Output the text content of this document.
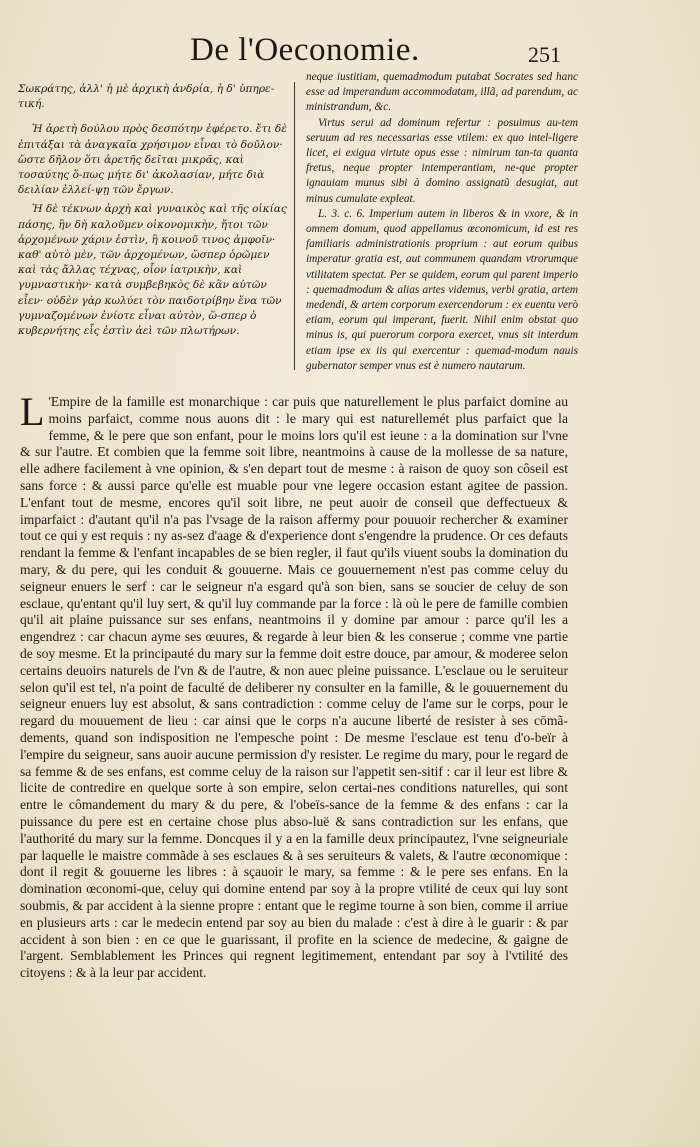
De l'Oeconomie.	251

Σωκράτης, ἀλλ' ἡ μὲ ἀρχικὴ ἀνδρία, ἡ δ' ὑπηρε-τική.

Ἡ ἀρετὴ δούλου πρὸς δεσπότην ἐφέρετο. ἔτι δὲ ἐπιτάξαι τὰ ἀναγκαῖα χρήσιμον εἶναι τὸ δοῦλον· ὥστε δῆλον ὅτι ἀρετῆς δεῖται μικρᾶς, καὶ τοσαύτης ὅ-πως μήτε δι' ἀκολασίαν, μήτε διὰ δειλίαν ἐλλεί-ψῃ τῶν ἔργων.

Ἡ δὲ τέκνων ἀρχὴ καὶ γυναικὸς καὶ τῆς οἰκίας πάσης, ἣν δὴ καλοῦμεν οἰκονομικὴν, ἤτοι τῶν ἀρχομένων χάριν ἐστὶν, ἢ κοινοῦ τινος ἀμφοῖν· καθ' αὑτὸ μὲν, τῶν ἀρχομένων, ὥσπερ ὁρῶμεν καὶ τὰς ἄλλας τέχνας, οἷον ἰατρικὴν, καὶ γυμναστικὴν· κατὰ συμβεβηκὸς δὲ κἂν αὐτῶν εἶεν· οὐδὲν γὰρ κωλύει τὸν παιδοτρίβην ἕνα τῶν γυμναζομένων ἐνίοτε εἶναι αὐτὸν, ὥ-σπερ ὁ κυβερνήτης εἷς ἐστὶν ἀεὶ τῶν πλωτήρων.

neque iustitiam, quemadmodum putabat Socrates sed hanc esse ad imperandum accommodatam, illã, ad parendum, ac ministrandum, &c.

Virtus serui ad dominum refertur : posuimus au-tem seruum ad res necessarias esse vtilem: ex quo intel-ligere licet, ei exigua virtute opus esse : nimirum tan-ta quanta fretus, neque propter intemperantiam, ne-que propter ignauiam munus sibi à domino assignatũ desugiat, aut minus cumulate expleat.

L. 3. c. 6. Imperium autem in liberos & in vxore, & in omnem domum, quod appellamus œconomicum, id est res familiaris administrationis proprium : aut eorum quibus imperatur gratia est, aut communem quandam vtrorumque vtilitatem spectat. Per se quidem, eorum qui parent imperio : quemadmodum & alias artes videmus, verbi gratia, artem medendi, & artem corporum exercendorum : ex euentu verò etiam, eorum qui imperant, fuerit. Nihil enim obstat quo minus is, qui puerorum corpora exercet, vnus sit interdum etiam ipse ex iis qui exercentur : quemad-modum nauis gubernator semper vnus est è numero nautarum.

L 'Empire de la famille est monarchique : car puis que naturellement le plus parfaict domine au moins parfaict, comme nous auons dit : le mary qui est naturellemét plus parfaict que la femme, & le pere que son enfant, pour le moins lors qu'il est ieune : a la domination sur l'vne & sur l'autre. Et combien que la femme soit libre, neantmoins à cause de la mollesse de sa nature, elle adhere facilement à vne opinion, & s'en depart tout de mesme : à raison de quoy son côseil est sans force : & aussi parce qu'elle est muable pour vne legere occasion estant agitee de passion. L'enfant tout de mesme, encores qu'il soit libre, ne peut auoir de conseil que deffectueux & imparfaict : d'autant qu'il n'a pas l'vsage de la raison affermy pour pouuoir rechercher & examiner tout ce qui y est requis : ny as-sez d'aage & d'experience dont s'engendre la prudence. Or ces defauts rendant la femme & l'enfant incapables de se bien regler, il faut qu'ils viuent soubs la domination du mary, & du pere, qui les conduit & gouuerne. Mais ce gouuernement n'est pas comme celuy du seigneur enuers le serf : car le seigneur n'a esgard qu'à son bien, sans se soucier de celuy de son esclaue, qu'entant qu'il luy sert, & qu'il luy commande par la force : là où le pere de famille combien qu'il ait plaine puissance sur ses enfans, neantmoins il y domine par amour : parce qu'il les a engendrez : car chacun ayme ses œuures, & regarde à leur bien & les conserue ; comme vne partie de soy mesme. Et la principauté du mary sur la femme doit estre douce, par amour, & moderee selon certains deuoirs naturels de l'vn & de l'autre, & non auec pleine puissance. L'esclaue ou le seruiteur selon qu'il est tel, n'a point de faculté de deliberer ny consulter en la famille, & le gouuernement du seigneur enuers luy est absolut, & sans contradiction : comme celuy de l'ame sur le corps, pour le regard du mouuement de lieu : car ainsi que le corps n'a aucune liberté de resister à ses cōmã-dements, quand son indisposition ne l'empesche point : De mesme l'esclaue est tenu d'o-beïr à l'empire du seigneur, sans auoir aucune permission d'y resister. Le regime du mary, pour le regard de sa femme & de ses enfans, est comme celuy de la raison sur l'appetit sen-sitif : car il leur est libre & licite de contredire en quelque sorte à son empire, selon certai-nes conditions naturelles, qui sont entre le cômandement du mary & du pere, & l'obeïs-sance de la femme & des enfans : car la puissance du pere est en certaine chose plus abso-luë & sans contradiction sur les enfans, que l'authorité du mary sur la femme. Doncques il y a en la famille deux principautez, l'vne seigneuriale par laquelle le maistre commãde à ses esclaues & à ses seruiteurs & valets, & l'autre œconomique : dont il regit & gouuerne les libres : à sçauoir le mary, sa femme : & le pere ses enfans. En la domination œconomi-que, celuy qui domine entend par soy à la propre vtilité de ceux qui luy sont soubmis, & par accident à la sienne propre : entant que le regime tourne à son bien, comme il arriue en plusieurs arts : car le medecin entend par soy au bien du malade : c'est à dire à le guarir : & par accident à son bien : en ce que le guarissant, il profite en la science de medecine, & gaigne de l'argent. Semblablement les Princes qui regnent legitimement, entendant par soy à l'vtilité des citoyens : & à la leur par accident.
